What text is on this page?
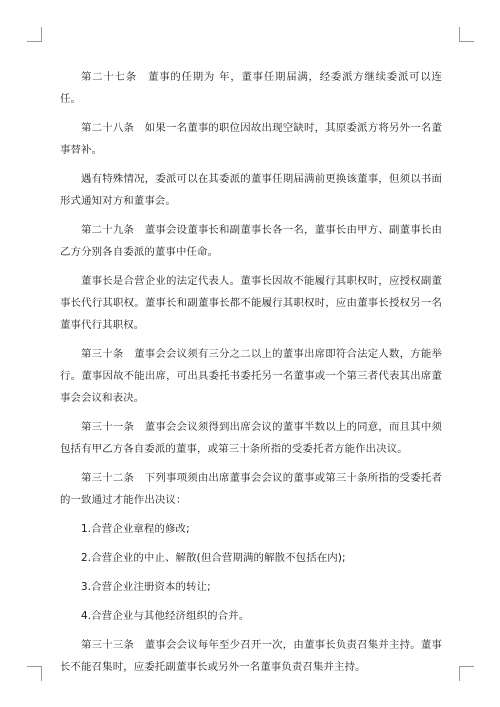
第二十七条　董事的任期为 年，董事任期届满，经委派方继续委派可以连任。

第二十八条　如果一名董事的职位因故出现空缺时，其原委派方将另外一名董事替补。

遇有特殊情况，委派可以在其委派的董事任期届满前更换该董事，但须以书面形式通知对方和董事会。

第二十九条　董事会设董事长和副董事长各一名，董事长由甲方、副董事长由乙方分别各自委派的董事中任命。

董事长是合营企业的法定代表人。董事长因故不能履行其职权时，应授权副董事长代行其职权。董事长和副董事长都不能履行其职权时，应由董事长授权另一名董事代行其职权。

第三十条　董事会会议须有三分之二以上的董事出席即符合法定人数，方能举行。董事因故不能出席，可出具委托书委托另一名董事或一个第三者代表其出席董事会会议和表决。

第三十一条　董事会会议须得到出席会议的董事半数以上的同意，而且其中须包括有甲乙方各自委派的董事，或第三十条所指的受委托者方能作出决议。

第三十二条　下列事项须由出席董事会会议的董事或第三十条所指的受委托者的一致通过才能作出决议：

1.合营企业章程的修改;

2.合营企业的中止、解散(但合营期满的解散不包括在内);

3.合营企业注册资本的转让;

4.合营企业与其他经济组织的合并。

第三十三条　董事会会议每年至少召开一次，由董事长负责召集并主持。董事长不能召集时，应委托副董事长或另外一名董事负责召集并主持。
